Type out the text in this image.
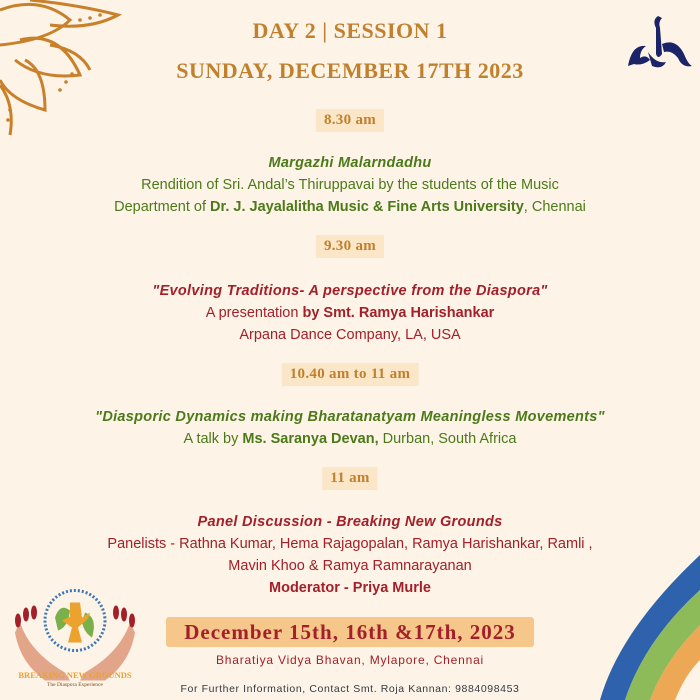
DAY 2 | SESSION 1
SUNDAY, DECEMBER 17TH 2023
8.30 am
Margazhi Malarndadhu
Rendition of Sri. Andal’s Thiruppavai by the students of the Music
Department of Dr. J. Jayalalitha Music & Fine Arts University, Chennai
9.30 am
"Evolving Traditions- A perspective from the Diaspora"
A presentation by Smt. Ramya Harishankar
Arpana Dance Company, LA, USA
10.40 am to 11 am
"Diasporic Dynamics making Bharatanatyam Meaningless Movements"
A talk by Ms. Saranya Devan, Durban, South Africa
11 am
Panel Discussion - Breaking New Grounds
Panelists - Rathna Kumar, Hema Rajagopalan, Ramya Harishankar, Ramli ,
Mavin Khoo & Ramya Ramnarayanan
Moderator - Priya Murle
BREAKING NEW GROUNDS
The Diaspora Experience
December 15th, 16th &17th, 2023
Bharatiya Vidya Bhavan, Mylapore, Chennai
For Further Information, Contact Smt. Roja Kannan: 9884098453
